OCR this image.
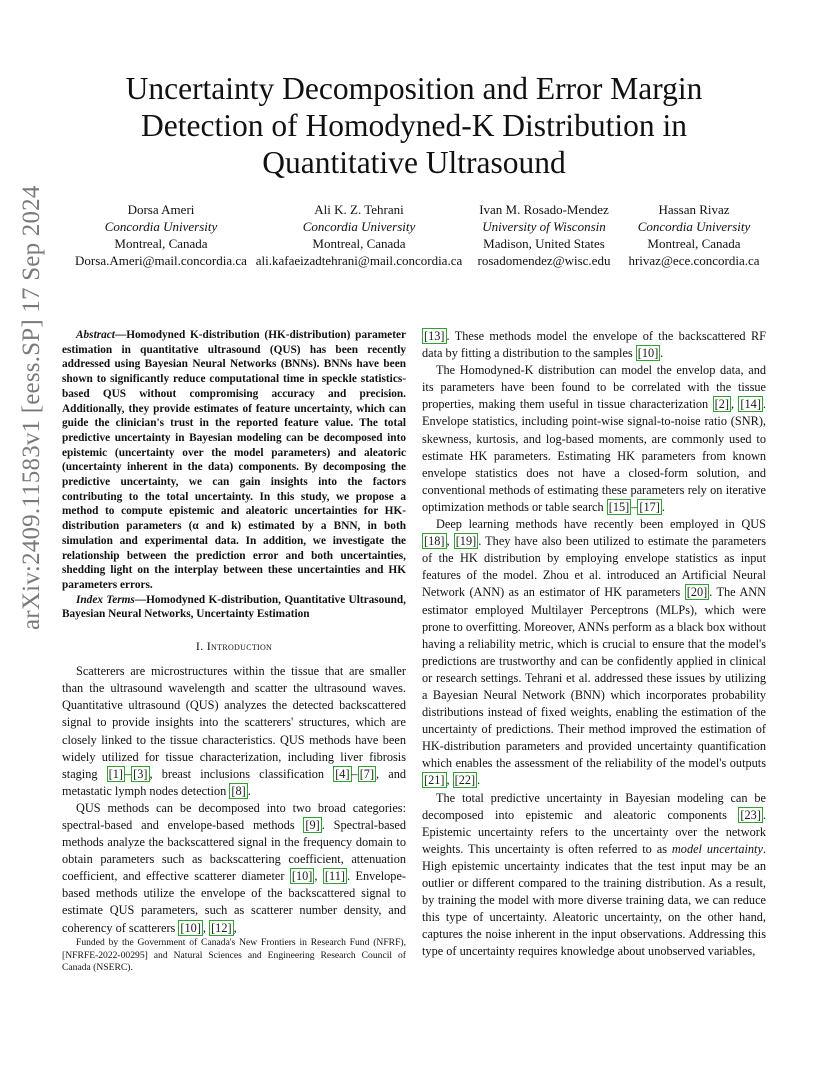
arXiv:2409.11583v1 [eess.SP] 17 Sep 2024
Uncertainty Decomposition and Error Margin
Detection of Homodyned-K Distribution in
Quantitative Ultrasound
Dorsa Ameri
Concordia University
Montreal, Canada
Dorsa.Ameri@mail.concordia.ca
Ali K. Z. Tehrani
Concordia University
Montreal, Canada
ali.kafaeizadtehrani@mail.concordia.ca
Ivan M. Rosado-Mendez
University of Wisconsin
Madison, United States
rosadomendez@wisc.edu
Hassan Rivaz
Concordia University
Montreal, Canada
hrivaz@ece.concordia.ca

Abstract—Homodyned K-distribution (HK-distribution) parameter estimation in quantitative ultrasound (QUS) has been recently addressed using Bayesian Neural Networks (BNNs). BNNs have been shown to significantly reduce computational time in speckle statistics-based QUS without compromising accuracy and precision. Additionally, they provide estimates of feature uncertainty, which can guide the clinician's trust in the reported feature value. The total predictive uncertainty in Bayesian modeling can be decomposed into epistemic (uncertainty over the model parameters) and aleatoric (uncertainty inherent in the data) components. By decomposing the predictive uncertainty, we can gain insights into the factors contributing to the total uncertainty. In this study, we propose a method to compute epistemic and aleatoric uncertainties for HK-distribution parameters (α and k) estimated by a BNN, in both simulation and experimental data. In addition, we investigate the relationship between the prediction error and both uncertainties, shedding light on the interplay between these uncertainties and HK parameters errors.

Index Terms—Homodyned K-distribution, Quantitative Ultrasound, Bayesian Neural Networks, Uncertainty Estimation

I. Introduction

Scatterers are microstructures within the tissue that are smaller than the ultrasound wavelength and scatter the ultrasound waves. Quantitative ultrasound (QUS) analyzes the detected backscattered signal to provide insights into the scatterers' structures, which are closely linked to the tissue characteristics. QUS methods have been widely utilized for tissue characterization, including liver fibrosis staging [1] – [3] , breast inclusions classification [4] – [7] , and metastatic lymph nodes detection [8] .

QUS methods can be decomposed into two broad categories: spectral-based and envelope-based methods [9] . Spectral-based methods analyze the backscattered signal in the frequency domain to obtain parameters such as backscattering coefficient, attenuation coefficient, and effective scatterer diameter [10] , [11] . Envelope-based methods utilize the envelope of the backscattered signal to estimate QUS parameters, such as scatterer number density, and coherency of scatterers [10] , [12] ,

Funded by the Government of Canada's New Frontiers in Research Fund (NFRF), [NFRFE-2022-00295] and Natural Sciences and Engineering Research Council of Canada (NSERC).

[13] . These methods model the envelope of the backscattered RF data by fitting a distribution to the samples [10] .

The Homodyned-K distribution can model the envelop data, and its parameters have been found to be correlated with the tissue properties, making them useful in tissue characterization [2] , [14] . Envelope statistics, including point-wise signal-to-noise ratio (SNR), skewness, kurtosis, and log-based moments, are commonly used to estimate HK parameters. Estimating HK parameters from known envelope statistics does not have a closed-form solution, and conventional methods of estimating these parameters rely on iterative optimization methods or table search [15] – [17] .

Deep learning methods have recently been employed in QUS [18] , [19] . They have also been utilized to estimate the parameters of the HK distribution by employing envelope statistics as input features of the model. Zhou et al. introduced an Artificial Neural Network (ANN) as an estimator of HK parameters [20] . The ANN estimator employed Multilayer Perceptrons (MLPs), which were prone to overfitting. Moreover, ANNs perform as a black box without having a reliability metric, which is crucial to ensure that the model's predictions are trustworthy and can be confidently applied in clinical or research settings. Tehrani et al. addressed these issues by utilizing a Bayesian Neural Network (BNN) which incorporates probability distributions instead of fixed weights, enabling the estimation of the uncertainty of predictions. Their method improved the estimation of HK-distribution parameters and provided uncertainty quantification which enables the assessment of the reliability of the model's outputs [21] , [22] .

The total predictive uncertainty in Bayesian modeling can be decomposed into epistemic and aleatoric components [23] . Epistemic uncertainty refers to the uncertainty over the network weights. This uncertainty is often referred to as model uncertainty. High epistemic uncertainty indicates that the test input may be an outlier or different compared to the training distribution. As a result, by training the model with more diverse training data, we can reduce this type of uncertainty. Aleatoric uncertainty, on the other hand, captures the noise inherent in the input observations. Addressing this type of uncertainty requires knowledge about unobserved variables,
